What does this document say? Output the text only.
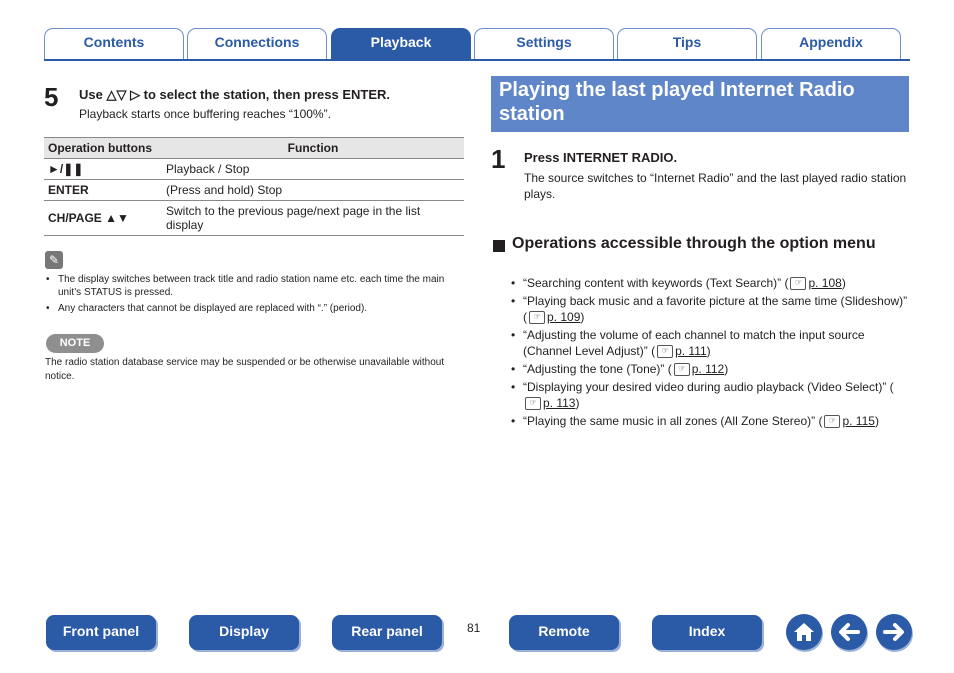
Contents	Connections	Playback	Settings	Tips	Appendix
5 Use △▽ ▷ to select the station, then press ENTER.
Playback starts once buffering reaches “100%”.
Operation buttons	Function
►/❚❚	Playback / Stop
ENTER	(Press and hold) Stop
CH/PAGE ▲▼	Switch to the previous page/next page in the list display
✎
• The display switches between track title and radio station name etc. each time the main unit’s STATUS is pressed.
• Any characters that cannot be displayed are replaced with “.” (period).
NOTE
The radio station database service may be suspended or be otherwise unavailable without notice.
Playing the last played Internet Radio station
1 Press INTERNET RADIO.
The source switches to “Internet Radio” and the last played radio station plays.
Operations accessible through the option menu
• “Searching content with keywords (Text Search)” ( ☞ p. 108)
• “Playing back music and a favorite picture at the same time (Slideshow)” ( ☞ p. 109)
• “Adjusting the volume of each channel to match the input source (Channel Level Adjust)” ( ☞ p. 111)
• “Adjusting the tone (Tone)” ( ☞ p. 112)
• “Displaying your desired video during audio playback (Video Select)” (☞ p. 113)
• “Playing the same music in all zones (All Zone Stereo)” ( ☞ p. 115)
Front panel	Display	Rear panel	81	Remote	Index
